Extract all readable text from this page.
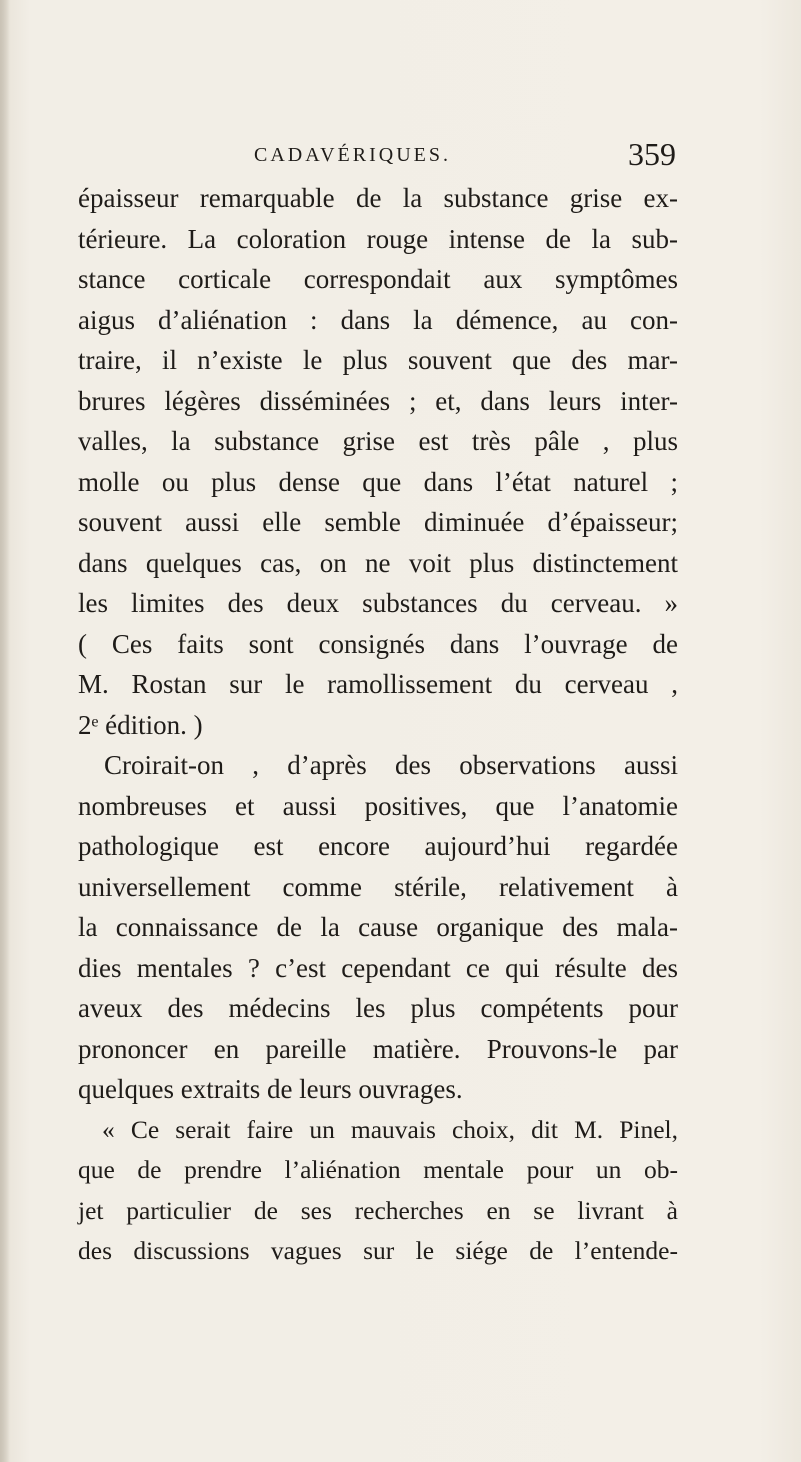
CADAVÉRIQUES.	359
épaisseur remarquable de la substance grise ex-
térieure. La coloration rouge intense de la sub-
stance corticale correspondait aux symptômes
aigus d’aliénation : dans la démence, au con-
traire, il n’existe le plus souvent que des mar-
brures légères disséminées ; et, dans leurs inter-
valles, la substance grise est très pâle , plus
molle ou plus dense que dans l’état naturel ;
souvent aussi elle semble diminuée d’épaisseur;
dans quelques cas, on ne voit plus distinctement
les limites des deux substances du cerveau. »
( Ces faits sont consignés dans l’ouvrage de
M. Rostan sur le ramollissement du cerveau ,
2ᵉ édition. )
Croirait-on , d’après des observations aussi
nombreuses et aussi positives, que l’anatomie
pathologique est encore aujourd’hui regardée
universellement comme stérile, relativement à
la connaissance de la cause organique des mala-
dies mentales ? c’est cependant ce qui résulte des
aveux des médecins les plus compétents pour
prononcer en pareille matière. Prouvons-le par
quelques extraits de leurs ouvrages.
« Ce serait faire un mauvais choix, dit M. Pinel,
que de prendre l’aliénation mentale pour un ob-
jet particulier de ses recherches en se livrant à
des discussions vagues sur le siége de l’entende-
